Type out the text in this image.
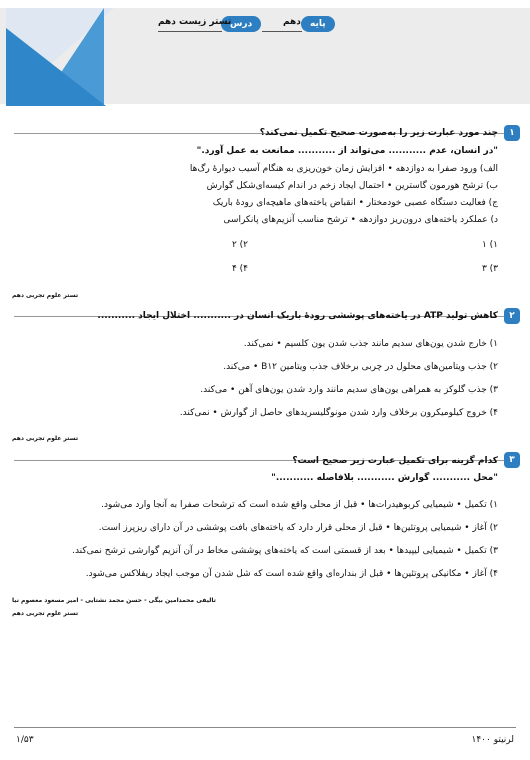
پایه
دهم
درس
تستر زیست دهم
۱
چند مورد عبارت زیر را به‌صورت صحیح تکمیل نمی‌کند؟
"در انسان، عدم ........... می‌تواند از ........... ممانعت به عمل آورد."
الف) ورود صفرا به دوازدهه • افزایش زمان خون‌ریزی به هنگام آسیب دیوارهٔ رگ‌ها
ب) ترشح هورمون گاسترین • احتمال ایجاد زخم در اندام کیسه‌ای‌شکل گوارش
ج) فعالیت دستگاه عصبی خودمختار • انقباض یاخته‌های ماهیچه‌ای رودهٔ باریک
د) عملکرد یاخته‌های درون‌ریز دوازدهه • ترشح مناسب آنزیم‌های پانکراسی
۱) ۱
۲) ۲
۳) ۳
۴) ۴
تستر علوم تجربی دهم
۲
کاهش تولید ATP در یاخته‌های پوششی رودهٔ باریک انسان در ........... اختلال ایجاد ...........
۱) خارج شدن یون‌های سدیم مانند جذب شدن یون کلسیم • نمی‌کند.
۲) جذب ویتامین‌های محلول در چربی برخلاف جذب ویتامین B۱۲ • می‌کند.
۳) جذب گلوکز به همراهی یون‌های سدیم مانند وارد شدن یون‌های آهن • می‌کند.
۴) خروج کیلومیکرون برخلاف وارد شدن مونوگلیسریدهای حاصل از گوارش • نمی‌کند.
تستر علوم تجربی دهم
۳
کدام گزینه برای تکمیل عبارت زیر صحیح است؟
"محل ........... گوارش ........... بلافاصله ..........."
۱) تکمیل • شیمیایی کربوهیدرات‌ها • قبل از محلی واقع شده است که ترشحات صفرا به آنجا وارد می‌شود.
۲) آغاز • شیمیایی پروتئین‌ها • قبل از محلی قرار دارد که یاخته‌های بافت پوششی در آن دارای ریزپرز است.
۳) تکمیل • شیمیایی لیپیدها • بعد از قسمتی است که یاخته‌های پوششی مخاط در آن آنزیم گوارشی ترشح نمی‌کند.
۴) آغاز • مکانیکی پروتئین‌ها • قبل از بنداره‌ای واقع شده است که شل شدن آن موجب ایجاد ریفلاکس می‌شود.
تالیفی محمدامین بیگی - حسن محمد نشتایی - امیر مسعود معصوم نیا
تستر علوم تجربی دهم
لرنیتو ۱۴۰۰
۱/۵۳
